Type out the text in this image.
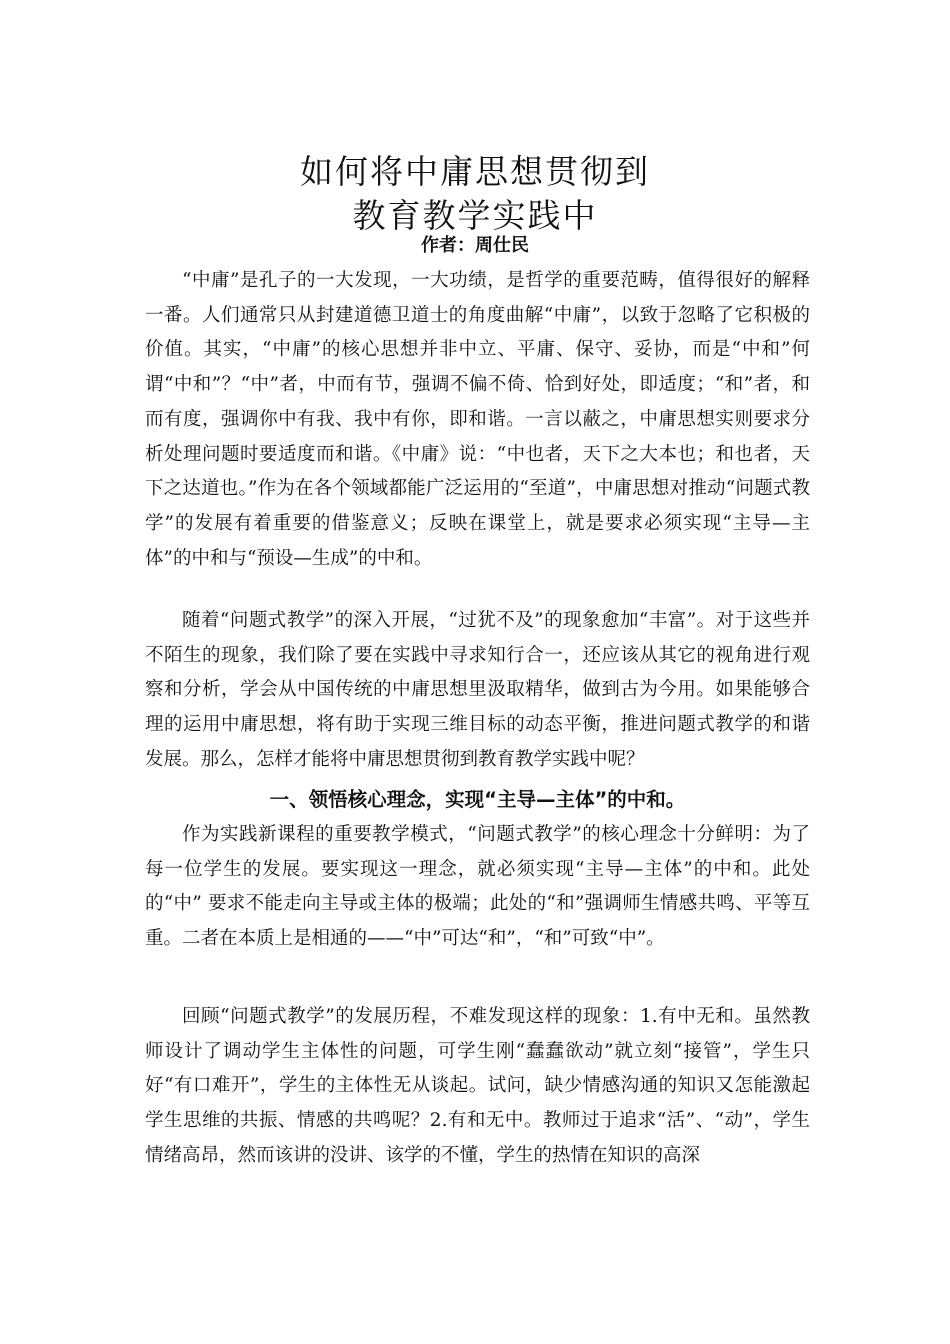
如何将中庸思想贯彻到
教育教学实践中
作者：周仕民

“中庸”是孔子的一大发现，一大功绩，是哲学的重要范畴，值得很好的解释一番。人们通常只从封建道德卫道士的角度曲解“中庸”，以致于忽略了它积极的价值。其实，“中庸”的核心思想并非中立、平庸、保守、妥协，而是“中和”何谓“中和”？“中”者，中而有节，强调不偏不倚、恰到好处，即适度；“和”者，和而有度，强调你中有我、我中有你，即和谐。一言以蔽之，中庸思想实则要求分析处理问题时要适度而和谐。《中庸》说：“中也者，天下之大本也；和也者，天下之达道也。”作为在各个领域都能广泛运用的“至道”，中庸思想对推动“问题式教学”的发展有着重要的借鉴意义；反映在课堂上，就是要求必须实现“主导—主体”的中和与“预设—生成”的中和。

随着“问题式教学”的深入开展，“过犹不及”的现象愈加“丰富”。对于这些并不陌生的现象，我们除了要在实践中寻求知行合一，还应该从其它的视角进行观察和分析，学会从中国传统的中庸思想里汲取精华，做到古为今用。如果能够合理的运用中庸思想，将有助于实现三维目标的动态平衡，推进问题式教学的和谐发展。那么，怎样才能将中庸思想贯彻到教育教学实践中呢？

一、领悟核心理念，实现“主导—主体”的中和。

作为实践新课程的重要教学模式，“问题式教学”的核心理念十分鲜明：为了每一位学生的发展。要实现这一理念，就必须实现“主导—主体”的中和。此处的“中” 要求不能走向主导或主体的极端；此处的“和”强调师生情感共鸣、平等互重。二者在本质上是相通的——“中”可达“和”，“和”可致“中”。

回顾“问题式教学”的发展历程，不难发现这样的现象：1.有中无和。虽然教师设计了调动学生主体性的问题，可学生刚“蠢蠢欲动”就立刻“接管”，学生只好“有口难开”，学生的主体性无从谈起。试问，缺少情感沟通的知识又怎能激起学生思维的共振、情感的共鸣呢？2.有和无中。教师过于追求“活”、“动”，学生情绪高昂，然而该讲的没讲、该学的不懂，学生的热情在知识的高深
